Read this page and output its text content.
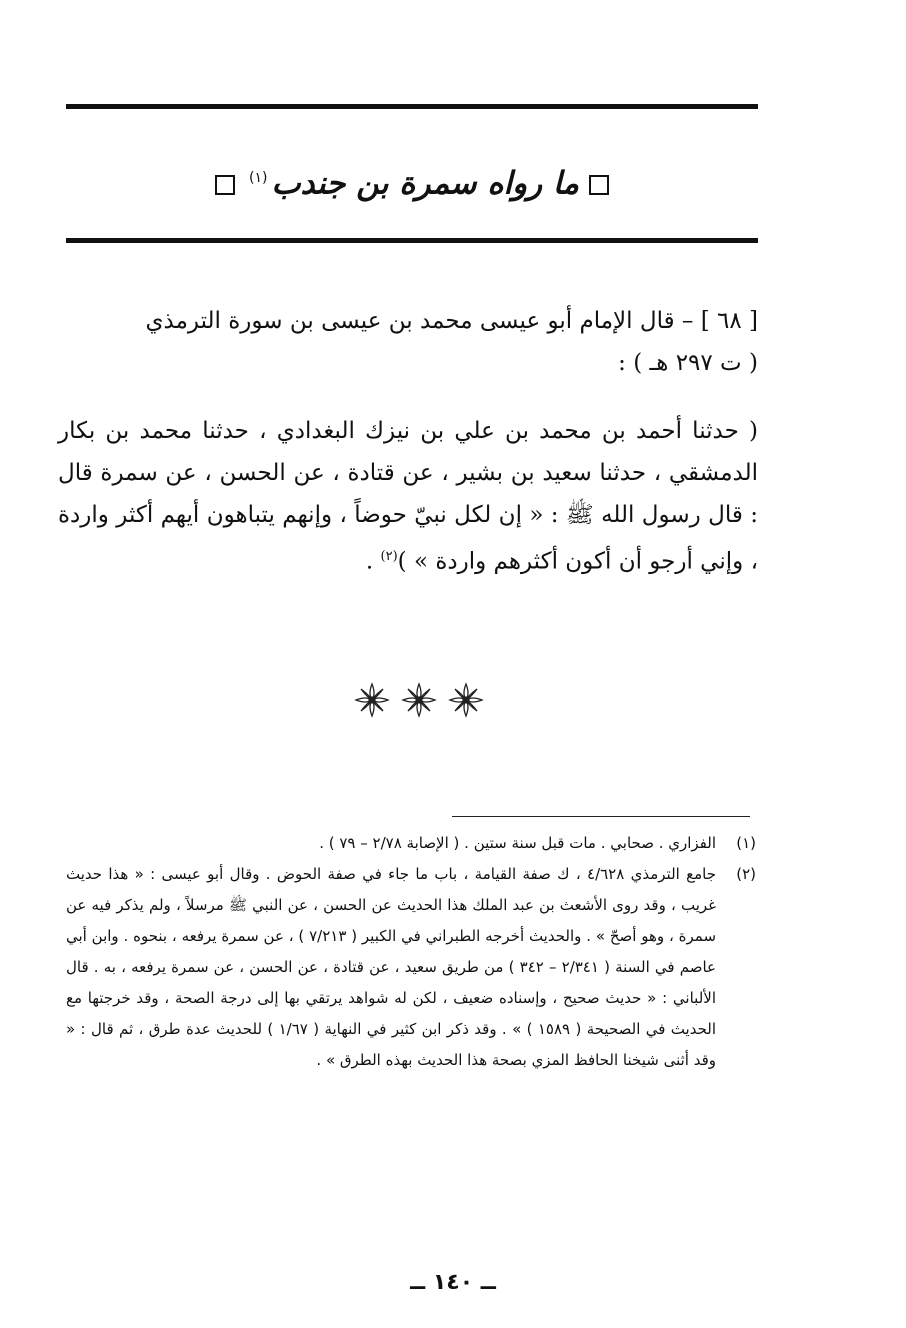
ما رواه سمرة بن جندب$^{(١)}$
[ ٦٨ ] – قال الإمام أبو عيسى محمد بن عيسى بن سورة الترمذي
( ت ٢٩٧ هـ ) :
( حدثنا أحمد بن محمد بن علي بن نيزك البغدادي ، حدثنا محمد بن بكار الدمشقي ، حدثنا سعيد بن بشير ، عن قتادة ، عن الحسن ، عن سمرة قال : قال رسول الله ﷺ : « إن لكل نبيّ حوضاً ، وإنهم يتباهون أيهم أكثر واردة ، وإني أرجو أن أكون أكثرهم واردة » )$^{(٢)}$ .
(١)
الفزاري . صحابي . مات قبل سنة ستين . ( الإصابة ٢/٧٨ – ٧٩ ) .
(٢)
جامع الترمذي ٤/٦٢٨ ، ك صفة القيامة ، باب ما جاء في صفة الحوض . وقال أبو عيسى : « هذا حديث غريب ، وقد روى الأشعث بن عبد الملك هذا الحديث عن الحسن ، عن النبي ﷺ مرسلاً ، ولم يذكر فيه عن سمرة ، وهو أصحّ » . والحديث أخرجه الطبراني في الكبير ( ٧/٢١٣ ) ، عن سمرة يرفعه ، بنحوه . وابن أبي عاصم في السنة ( ٢/٣٤١ – ٣٤٢ ) من طريق سعيد ، عن قتادة ، عن الحسن ، عن سمرة يرفعه ، به . قال الألباني : « حديث صحيح ، وإسناده ضعيف ، لكن له شواهد يرتقي بها إلى درجة الصحة ، وقد خرجتها مع الحديث في الصحيحة ( ١٥٨٩ ) » . وقد ذكر ابن كثير في النهاية ( ١/٦٧ ) للحديث عدة طرق ، ثم قال : « وقد أثنى شيخنا الحافظ المزي بصحة هذا الحديث بهذه الطرق » .
ــ ١٤٠ ــ
